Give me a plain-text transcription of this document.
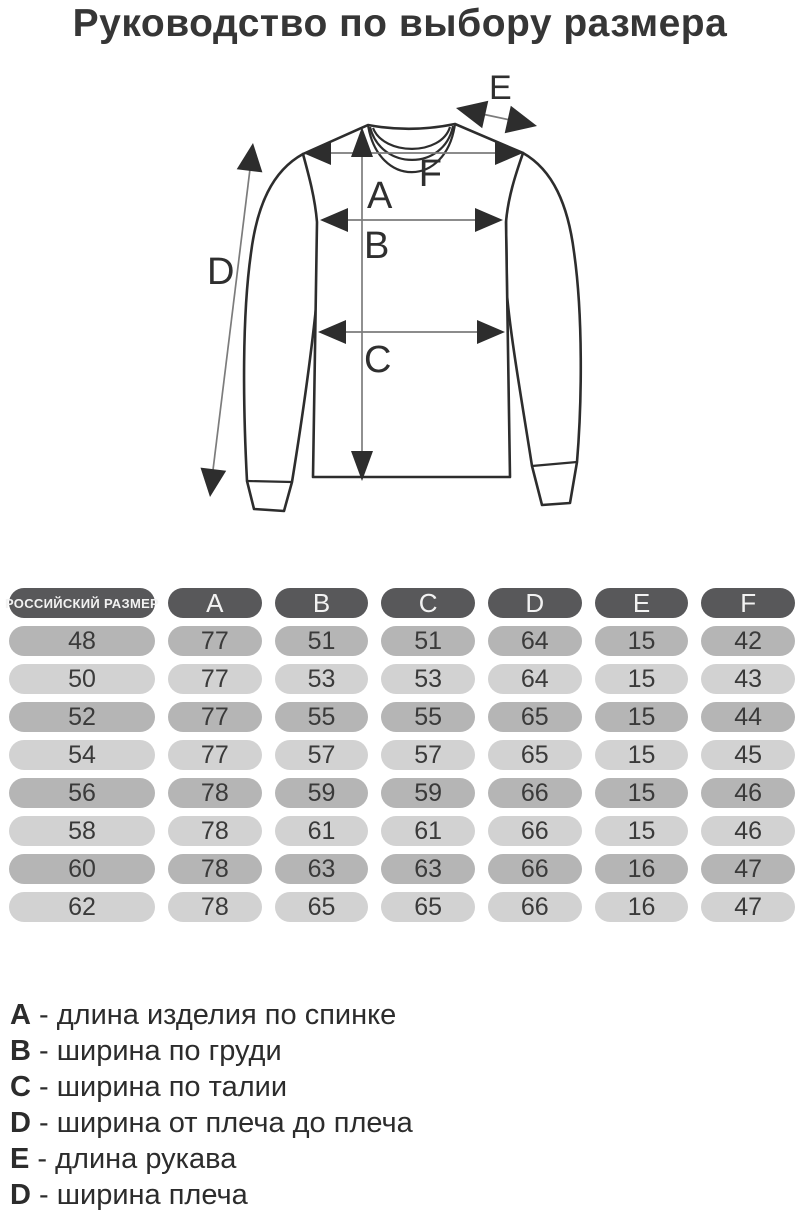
Руководство по выбору размера
F
A
B
C
D
E
РОССИЙСКИЙ РАЗМЕР	A	B	C	D	E	F
48	77	51	51	64	15	42
50	77	53	53	64	15	43
52	77	55	55	65	15	44
54	77	57	57	65	15	45
56	78	59	59	66	15	46
58	78	61	61	66	15	46
60	78	63	63	66	16	47
62	78	65	65	66	16	47
A - длина изделия по спинке
B - ширина по груди
C - ширина по талии
D - ширина от плеча до плеча
E - длина рукава
D - ширина плеча
